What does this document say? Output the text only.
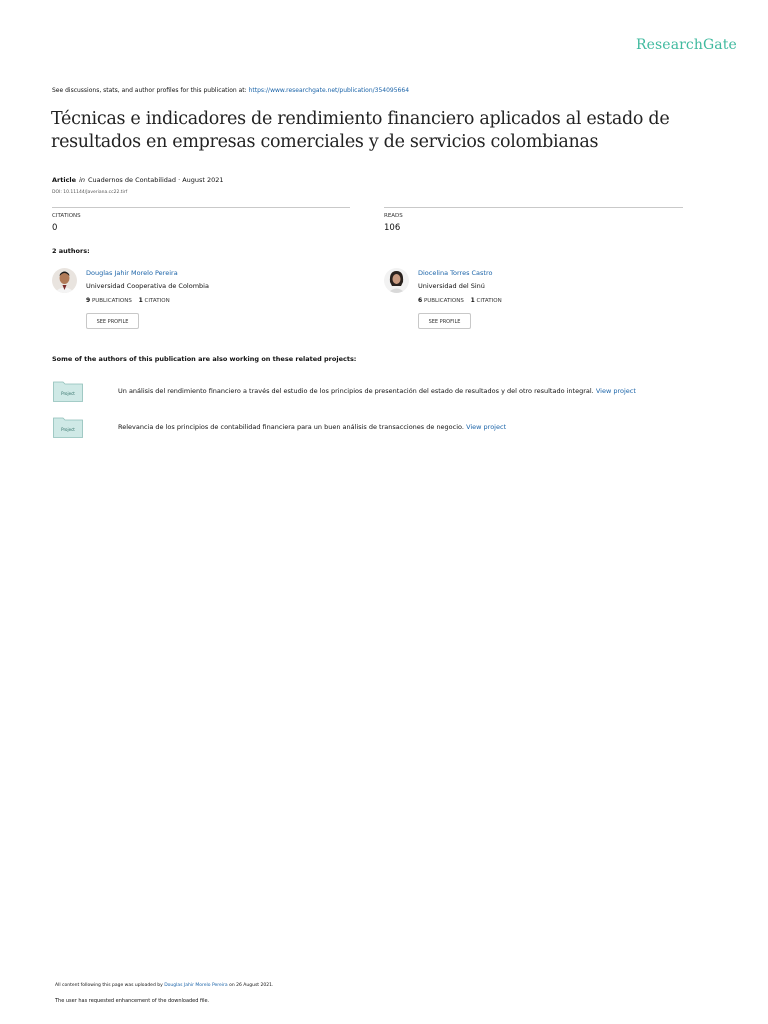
ResearchGate
See discussions, stats, and author profiles for this publication at: https://www.researchgate.net/publication/354095664
Técnicas e indicadores de rendimiento financiero aplicados al estado de resultados en empresas comerciales y de servicios colombianas
Article in Cuadernos de Contabilidad · August 2021
DOI: 10.11144/Javeriana.cc22.tirf
CITATIONS
0
READS
106
2 authors:
Douglas Jahir Morelo Pereira
Universidad Cooperativa de Colombia
9 PUBLICATIONS 1 CITATION
SEE PROFILE
Diocelina Torres Castro
Universidad del Sinú
6 PUBLICATIONS 1 CITATION
SEE PROFILE
Some of the authors of this publication are also working on these related projects:
Project	Un análisis del rendimiento financiero a través del estudio de los principios de presentación del estado de resultados y del otro resultado integral. View project
Project	Relevancia de los principios de contabilidad financiera para un buen análisis de transacciones de negocio. View project
All content following this page was uploaded by Douglas Jahir Morelo Pereira on 26 August 2021.
The user has requested enhancement of the downloaded file.
